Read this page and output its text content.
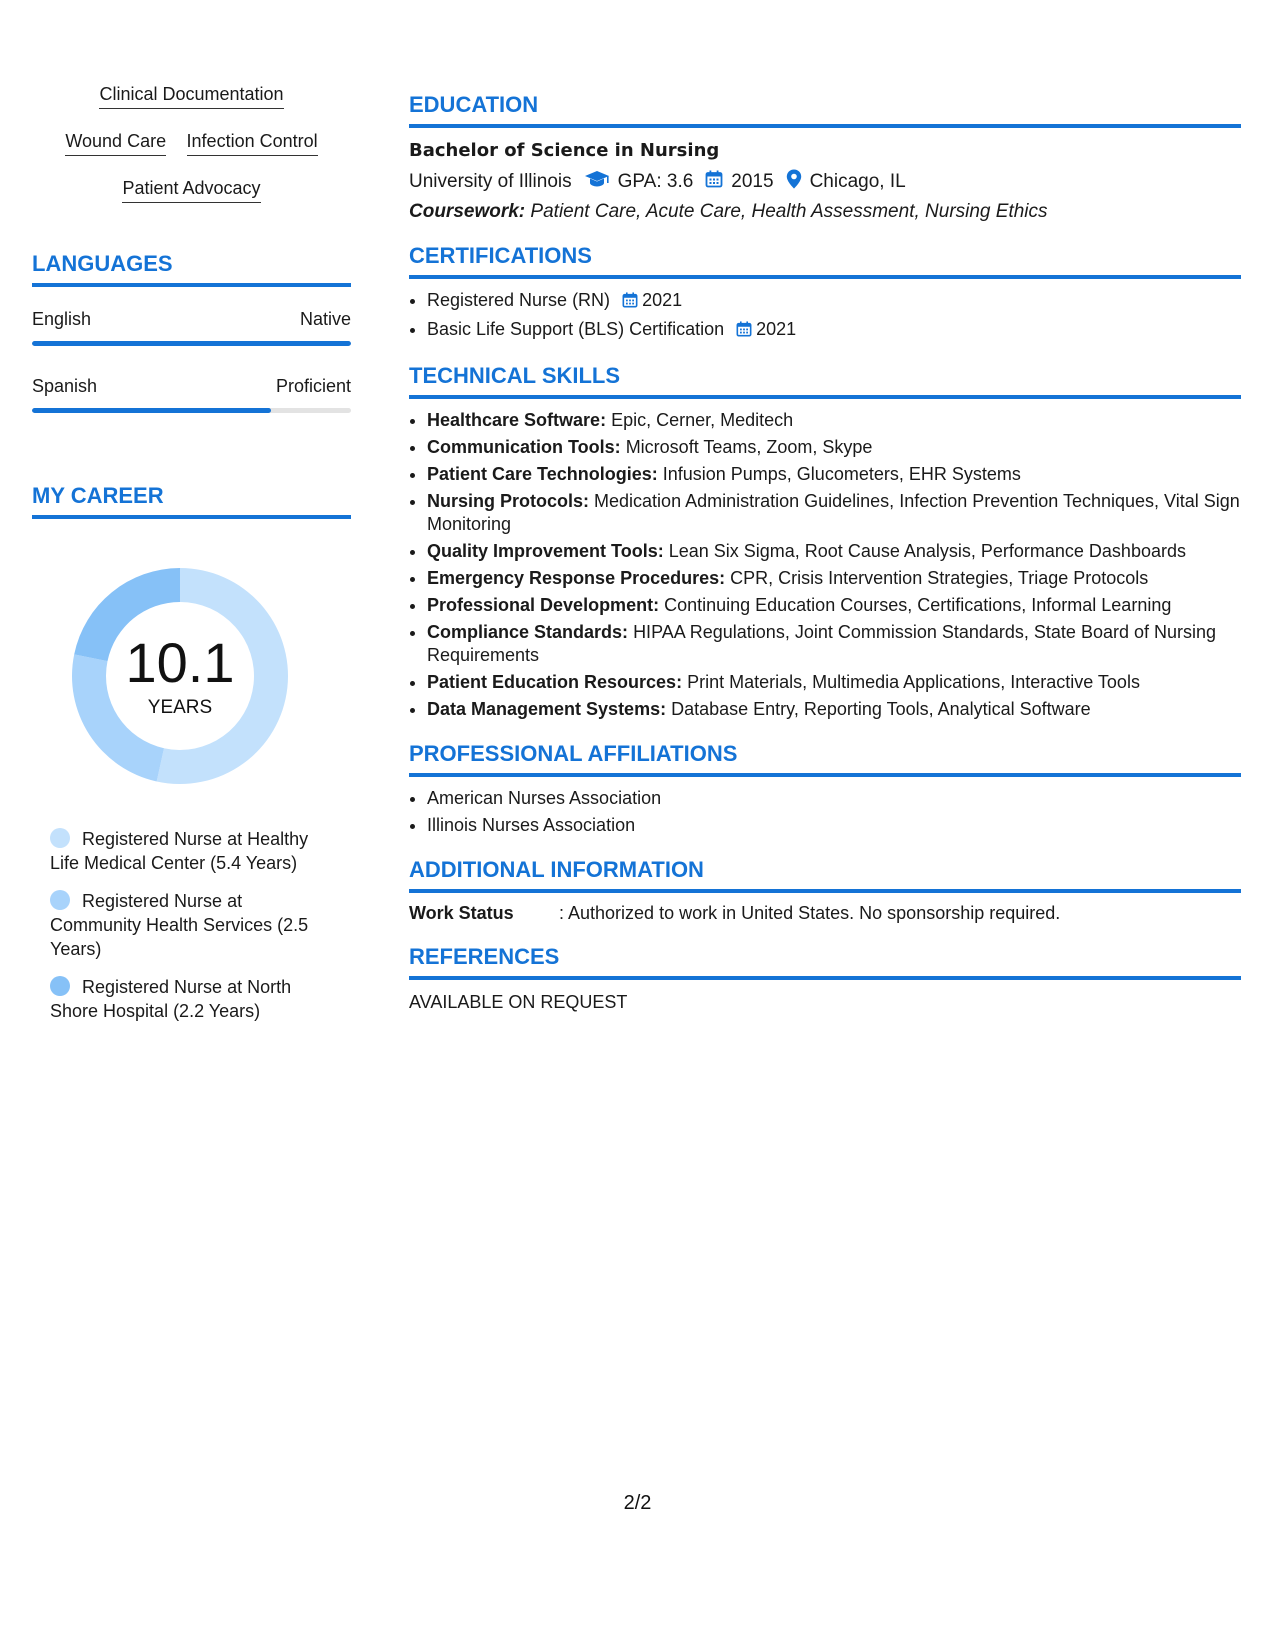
Clinical Documentation
Wound Care Infection Control
Patient Advocacy
LANGUAGES
English	Native
Spanish	Proficient
MY CAREER
10.1
YEARS
Registered Nurse at Healthy Life Medical Center (5.4 Years)
Registered Nurse at Community Health Services (2.5 Years)
Registered Nurse at North Shore Hospital (2.2 Years)
EDUCATION
Bachelor of Science in Nursing
University of Illinois GPA: 3.6 2015 Chicago, IL
Coursework: Patient Care, Acute Care, Health Assessment, Nursing Ethics
CERTIFICATIONS
• Registered Nurse (RN) 2021
• Basic Life Support (BLS) Certification 2021
TECHNICAL SKILLS
• Healthcare Software: Epic, Cerner, Meditech
• Communication Tools: Microsoft Teams, Zoom, Skype
• Patient Care Technologies: Infusion Pumps, Glucometers, EHR Systems
• Nursing Protocols: Medication Administration Guidelines, Infection Prevention Techniques, Vital Sign Monitoring
• Quality Improvement Tools: Lean Six Sigma, Root Cause Analysis, Performance Dashboards
• Emergency Response Procedures: CPR, Crisis Intervention Strategies, Triage Protocols
• Professional Development: Continuing Education Courses, Certifications, Informal Learning
• Compliance Standards: HIPAA Regulations, Joint Commission Standards, State Board of Nursing Requirements
• Patient Education Resources: Print Materials, Multimedia Applications, Interactive Tools
• Data Management Systems: Database Entry, Reporting Tools, Analytical Software
PROFESSIONAL AFFILIATIONS
• American Nurses Association
• Illinois Nurses Association
ADDITIONAL INFORMATION
Work Status	: Authorized to work in United States. No sponsorship required.
REFERENCES
AVAILABLE ON REQUEST
2/2
